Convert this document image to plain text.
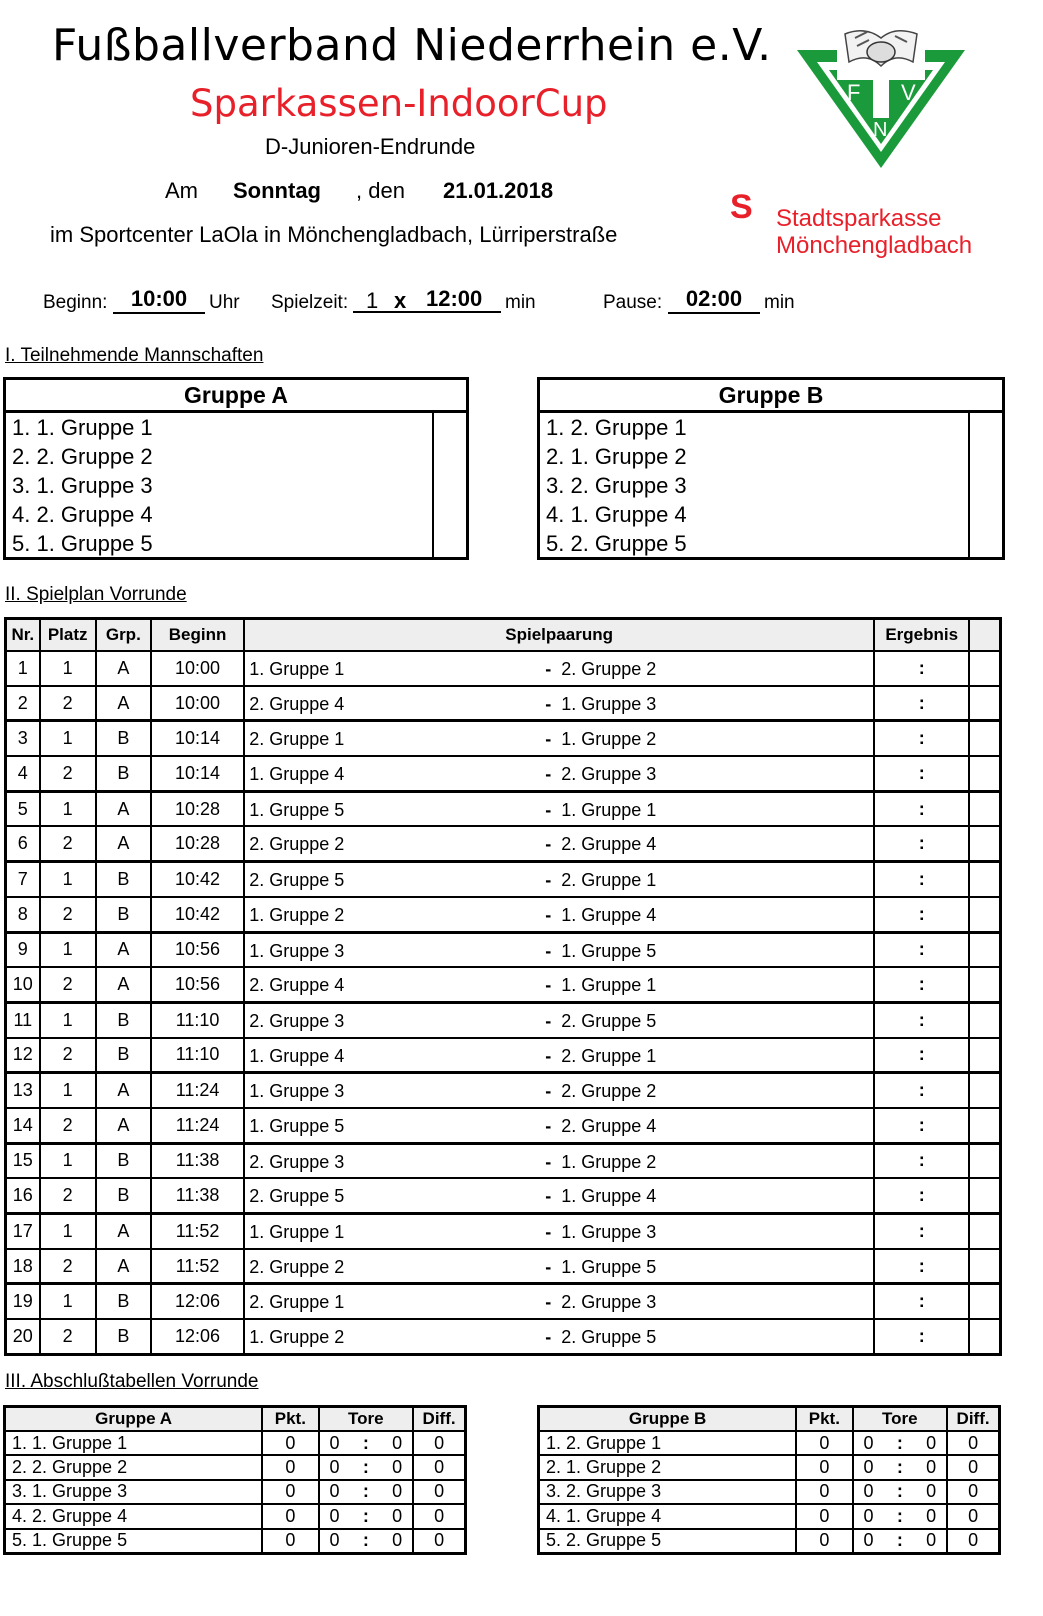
Fußballverband Niederrhein e.V.
Sparkassen-IndoorCup
D-Junioren-Endrunde
Am Sonntag , den 21.01.2018
im Sportcenter LaOla in Mönchengladbach, Lürriperstraße
F V
N
S Stadtsparkasse
Mönchengladbach
Beginn:	10:00	Uhr Spielzeit: 1 x 12:00 min	Pause:	02:00	min
I. Teilnehmende Mannschaften
Gruppe A
1. 1. Gruppe 1
2. 2. Gruppe 2
3. 1. Gruppe 3
4. 2. Gruppe 4
5. 1. Gruppe 5
Gruppe B
1. 2. Gruppe 1
2. 1. Gruppe 2
3. 2. Gruppe 3
4. 1. Gruppe 4
5. 2. Gruppe 5
II. Spielplan Vorrunde
Nr.	Platz	Grp.	Beginn	Spielpaarung	Ergebnis	
1	1	A	10:00	1. Gruppe 1 - 2. Gruppe 2	:	
2	2	A	10:00	2. Gruppe 4 - 1. Gruppe 3	:	
3	1	B	10:14	2. Gruppe 1 - 1. Gruppe 2	:	
4	2	B	10:14	1. Gruppe 4 - 2. Gruppe 3	:	
5	1	A	10:28	1. Gruppe 5 - 1. Gruppe 1	:	
6	2	A	10:28	2. Gruppe 2 - 2. Gruppe 4	:	
7	1	B	10:42	2. Gruppe 5 - 2. Gruppe 1	:	
8	2	B	10:42	1. Gruppe 2 - 1. Gruppe 4	:	
9	1	A	10:56	1. Gruppe 3 - 1. Gruppe 5	:	
10	2	A	10:56	2. Gruppe 4 - 1. Gruppe 1	:	
11	1	B	11:10	2. Gruppe 3 - 2. Gruppe 5	:	
12	2	B	11:10	1. Gruppe 4 - 2. Gruppe 1	:	
13	1	A	11:24	1. Gruppe 3 - 2. Gruppe 2	:	
14	2	A	11:24	1. Gruppe 5 - 2. Gruppe 4	:	
15	1	B	11:38	2. Gruppe 3 - 1. Gruppe 2	:	
16	2	B	11:38	2. Gruppe 5 - 1. Gruppe 4	:	
17	1	A	11:52	1. Gruppe 1 - 1. Gruppe 3	:	
18	2	A	11:52	2. Gruppe 2 - 1. Gruppe 5	:	
19	1	B	12:06	2. Gruppe 1 - 2. Gruppe 3	:	
20	2	B	12:06	1. Gruppe 2 - 2. Gruppe 5	:	
III. Abschlußtabellen Vorrunde
Gruppe A	Pkt.	Tore	Diff.
1. 1. Gruppe 1	0	0 : 0	0
2. 2. Gruppe 2	0	0 : 0	0
3. 1. Gruppe 3	0	0 : 0	0
4. 2. Gruppe 4	0	0 : 0	0
5. 1. Gruppe 5	0	0 : 0	0
Gruppe B	Pkt.	Tore	Diff.
1. 2. Gruppe 1	0	0 : 0	0
2. 1. Gruppe 2	0	0 : 0	0
3. 2. Gruppe 3	0	0 : 0	0
4. 1. Gruppe 4	0	0 : 0	0
5. 2. Gruppe 5	0	0 : 0	0
